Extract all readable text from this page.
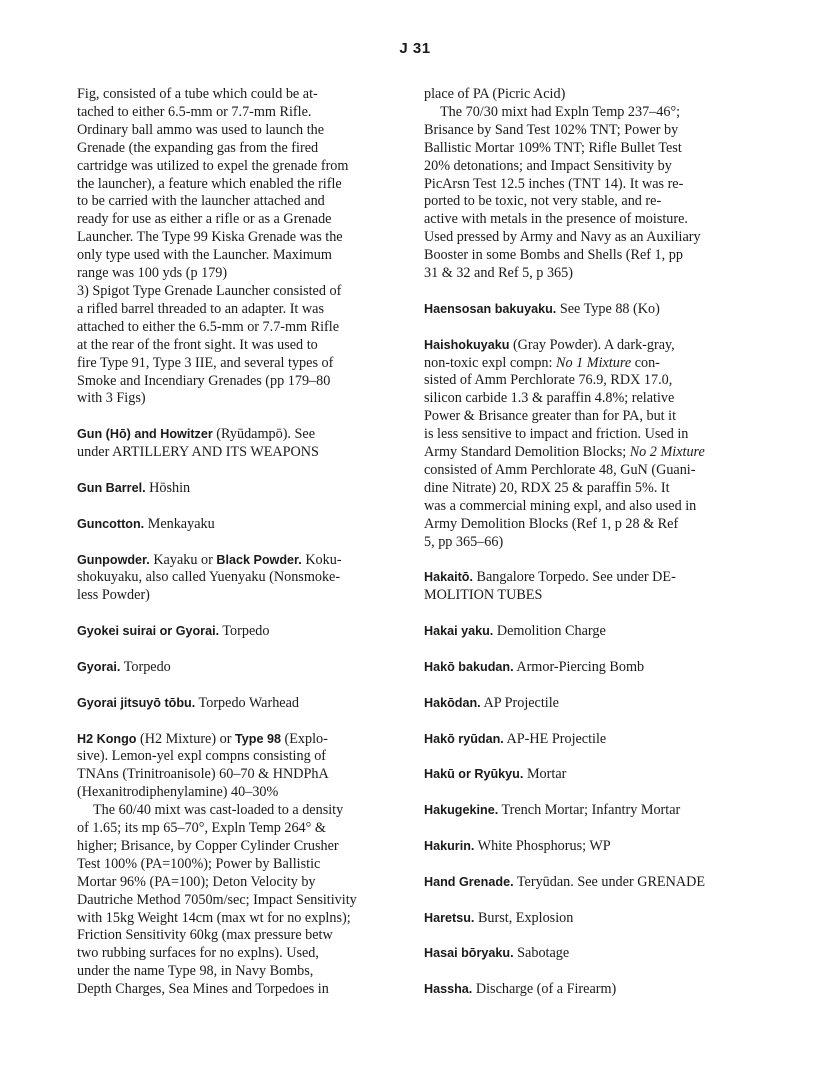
J 31
Fig, consisted of a tube which could be at-
tached to either 6.5-mm or 7.7-mm Rifle.
Ordinary ball ammo was used to launch the
Grenade (the expanding gas from the fired
cartridge was utilized to expel the grenade from
the launcher), a feature which enabled the rifle
to be carried with the launcher attached and
ready for use as either a rifle or as a Grenade
Launcher. The Type 99 Kiska Grenade was the
only type used with the Launcher. Maximum
range was 100 yds (p 179)
3) Spigot Type Grenade Launcher consisted of
a rifled barrel threaded to an adapter. It was
attached to either the 6.5-mm or 7.7-mm Rifle
at the rear of the front sight. It was used to
fire Type 91, Type 3 IIE, and several types of
Smoke and Incendiary Grenades (pp 179–80
with 3 Figs)
Gun (Hō) and Howitzer (Ryūdampō). See
under ARTILLERY AND ITS WEAPONS
Gun Barrel. Hōshin
Guncotton. Menkayaku
Gunpowder. Kayaku or Black Powder. Koku-
shokuyaku, also called Yuenyaku (Nonsmoke-
less Powder)
Gyokei suirai or Gyorai. Torpedo
Gyorai. Torpedo
Gyorai jitsuyō tōbu. Torpedo Warhead
H2 Kongo (H2 Mixture) or Type 98 (Explo-
sive). Lemon-yel expl compns consisting of
TNAns (Trinitroanisole) 60–70 & HNDPhA
(Hexanitrodiphenylamine) 40–30%
The 60/40 mixt was cast-loaded to a density
of 1.65; its mp 65–70°, Expln Temp 264° &
higher; Brisance, by Copper Cylinder Crusher
Test 100% (PA=100%); Power by Ballistic
Mortar 96% (PA=100); Deton Velocity by
Dautriche Method 7050m/sec; Impact Sensitivity
with 15kg Weight 14cm (max wt for no explns);
Friction Sensitivity 60kg (max pressure betw
two rubbing surfaces for no explns). Used,
under the name Type 98, in Navy Bombs,
Depth Charges, Sea Mines and Torpedoes in
place of PA (Picric Acid)
The 70/30 mixt had Expln Temp 237–46°;
Brisance by Sand Test 102% TNT; Power by
Ballistic Mortar 109% TNT; Rifle Bullet Test
20% detonations; and Impact Sensitivity by
PicArsn Test 12.5 inches (TNT 14). It was re-
ported to be toxic, not very stable, and re-
active with metals in the presence of moisture.
Used pressed by Army and Navy as an Auxiliary
Booster in some Bombs and Shells (Ref 1, pp
31 & 32 and Ref 5, p 365)
Haensosan bakuyaku. See Type 88 (Ko)
Haishokuyaku (Gray Powder). A dark-gray,
non-toxic expl compn: No 1 Mixture con-
sisted of Amm Perchlorate 76.9, RDX 17.0,
silicon carbide 1.3 & paraffin 4.8%; relative
Power & Brisance greater than for PA, but it
is less sensitive to impact and friction. Used in
Army Standard Demolition Blocks; No 2 Mixture
consisted of Amm Perchlorate 48, GuN (Guani-
dine Nitrate) 20, RDX 25 & paraffin 5%. It
was a commercial mining expl, and also used in
Army Demolition Blocks (Ref 1, p 28 & Ref
5, pp 365–66)
Hakaitō. Bangalore Torpedo. See under DE-
MOLITION TUBES
Hakai yaku. Demolition Charge
Hakō bakudan. Armor-Piercing Bomb
Hakōdan. AP Projectile
Hakō ryūdan. AP-HE Projectile
Hakū or Ryūkyu. Mortar
Hakugekine. Trench Mortar; Infantry Mortar
Hakurin. White Phosphorus; WP
Hand Grenade. Teryūdan. See under GRENADE
Haretsu. Burst, Explosion
Hasai bōryaku. Sabotage
Hassha. Discharge (of a Firearm)
